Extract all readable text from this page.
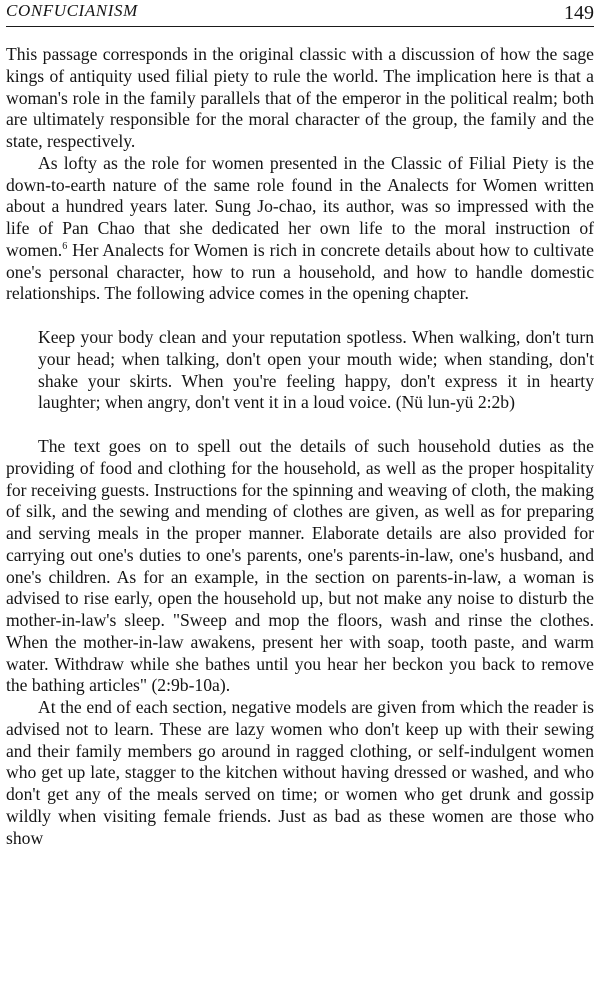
CONFUCIANISM	149

This passage corresponds in the original classic with a discussion of how the sage kings of antiquity used filial piety to rule the world. The implication here is that a woman's role in the family parallels that of the emperor in the political realm; both are ultimately responsible for the moral character of the group, the family and the state, respectively.

As lofty as the role for women presented in the Classic of Filial Piety is the down-to-earth nature of the same role found in the Analects for Women written about a hundred years later. Sung Jo-chao, its author, was so impressed with the life of Pan Chao that she dedicated her own life to the moral instruction of women.$^6$ Her Analects for Women is rich in concrete details about how to cultivate one's personal character, how to run a household, and how to handle domestic relationships. The following advice comes in the opening chapter.

Keep your body clean and your reputation spotless. When walking, don't turn your head; when talking, don't open your mouth wide; when standing, don't shake your skirts. When you're feeling happy, don't express it in hearty laughter; when angry, don't vent it in a loud voice. (Nü lun-yü 2:2b)

The text goes on to spell out the details of such household duties as the providing of food and clothing for the household, as well as the proper hospitality for receiving guests. Instructions for the spinning and weaving of cloth, the making of silk, and the sewing and mending of clothes are given, as well as for preparing and serving meals in the proper manner. Elaborate details are also provided for carrying out one's duties to one's parents, one's parents-in-law, one's husband, and one's children. As for an example, in the section on parents-in-law, a woman is advised to rise early, open the household up, but not make any noise to disturb the mother-in-law's sleep. "Sweep and mop the floors, wash and rinse the clothes. When the mother-in-law awakens, present her with soap, tooth paste, and warm water. Withdraw while she bathes until you hear her beckon you back to remove the bathing articles" (2:9b-10a).

At the end of each section, negative models are given from which the reader is advised not to learn. These are lazy women who don't keep up with their sewing and their family members go around in ragged clothing, or self-indulgent women who get up late, stagger to the kitchen without having dressed or washed, and who don't get any of the meals served on time; or women who get drunk and gossip wildly when visiting female friends. Just as bad as these women are those who show
